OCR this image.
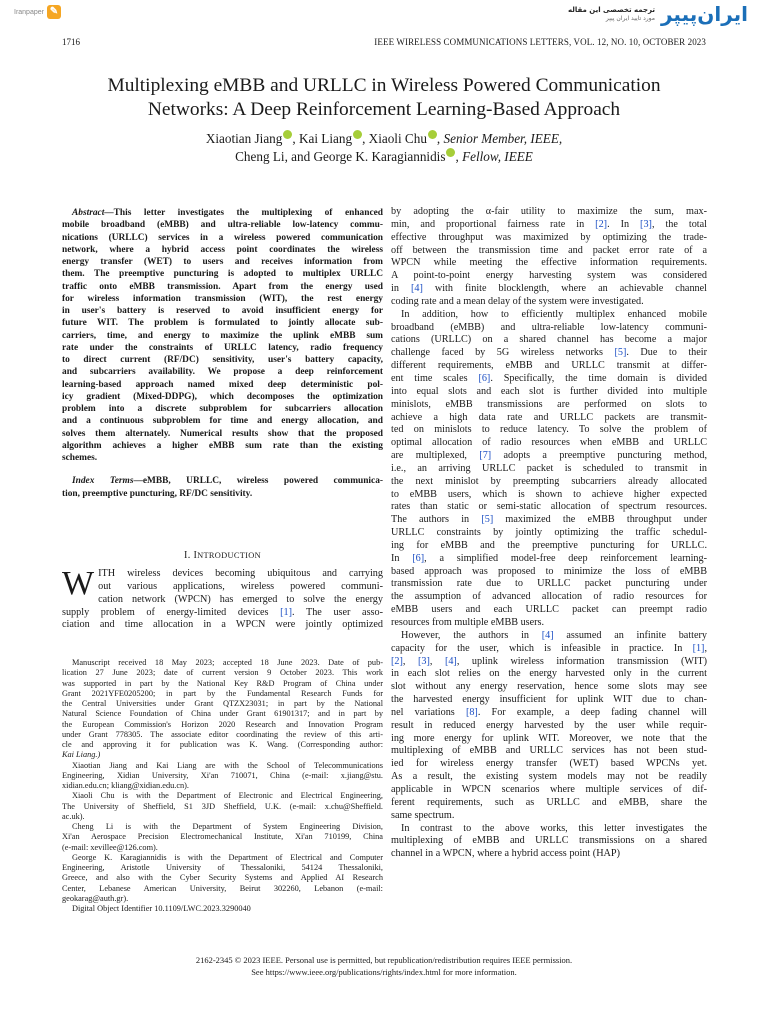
Iranpaper ✎	ترجمه تخصصی این مقاله
مورد تایید ایران پیپر ایران‌پیپر
1716	IEEE WIRELESS COMMUNICATIONS LETTERS, VOL. 12, NO. 10, OCTOBER 2023
Multiplexing eMBB and URLLC in Wireless Powered Communication
Networks: A Deep Reinforcement Learning-Based Approach
Xiaotian Jiang , Kai Liang , Xiaoli Chu , Senior Member, IEEE,
Cheng Li, and George K. Karagiannidis , Fellow, IEEE
Abstract—This letter investigates the multiplexing of enhanced
mobile broadband (eMBB) and ultra-reliable low-latency commu-
nications (URLLC) services in a wireless powered communication
network, where a hybrid access point coordinates the wireless
energy transfer (WET) to users and receives information from
them. The preemptive puncturing is adopted to multiplex URLLC
traffic onto eMBB transmission. Apart from the energy used
for wireless information transmission (WIT), the rest energy
in user's battery is reserved to avoid insufficient energy for
future WIT. The problem is formulated to jointly allocate sub-
carriers, time, and energy to maximize the uplink eMBB sum
rate under the constraints of URLLC latency, radio frequency
to direct current (RF/DC) sensitivity, user's battery capacity,
and subcarriers availability. We propose a deep reinforcement
learning-based approach named mixed deep deterministic pol-
icy gradient (Mixed-DDPG), which decomposes the optimization
problem into a discrete subproblem for subcarriers allocation
and a continuous subproblem for time and energy allocation, and
solves them alternately. Numerical results show that the proposed
algorithm achieves a higher eMBB sum rate than the existing
schemes.
Index Terms—eMBB, URLLC, wireless powered communica-
tion, preemptive puncturing, RF/DC sensitivity.
I. INTRODUCTION
W ITH wireless devices becoming ubiquitous and carrying
out various applications, wireless powered communi-
cation network (WPCN) has emerged to solve the energy
supply problem of energy-limited devices [1]. The user asso-
ciation and time allocation in a WPCN were jointly optimized
Manuscript received 18 May 2023; accepted 18 June 2023. Date of pub-
lication 27 June 2023; date of current version 9 October 2023. This work
was supported in part by the National Key R&D Program of China under
Grant 2021YFE0205200; in part by the Fundamental Research Funds for
the Central Universities under Grant QTZX23031; in part by the National
Natural Science Foundation of China under Grant 61901317; and in part by
the European Commission's Horizon 2020 Research and Innovation Program
under Grant 778305. The associate editor coordinating the review of this arti-
cle and approving it for publication was K. Wang. (Corresponding author:
Kai Liang.)
Xiaotian Jiang and Kai Liang are with the School of Telecommunications
Engineering, Xidian University, Xi'an 710071, China (e-mail: x.jiang@stu.
xidian.edu.cn; kliang@xidian.edu.cn).
Xiaoli Chu is with the Department of Electronic and Electrical Engineering,
The University of Sheffield, S1 3JD Sheffield, U.K. (e-mail: x.chu@Sheffield.
ac.uk).
Cheng Li is with the Department of System Engineering Division,
Xi'an Aerospace Precision Electromechanical Institute, Xi'an 710199, China
(e-mail: xevillee@126.com).
George K. Karagiannidis is with the Department of Electrical and Computer
Engineering, Aristotle University of Thessaloniki, 54124 Thessaloniki,
Greece, and also with the Cyber Security Systems and Applied AI Research
Center, Lebanese American University, Beirut 302260, Lebanon (e-mail:
geokarag@auth.gr).
Digital Object Identifier 10.1109/LWC.2023.3290040
by adopting the α-fair utility to maximize the sum, max-
min, and proportional fairness rate in [2]. In [3], the total
effective throughput was maximized by optimizing the trade-
off between the transmission time and packet error rate of a
WPCN while meeting the effective information requirements.
A point-to-point energy harvesting system was considered
in [4] with finite blocklength, where an achievable channel
coding rate and a mean delay of the system were investigated.
In addition, how to efficiently multiplex enhanced mobile
broadband (eMBB) and ultra-reliable low-latency communi-
cations (URLLC) on a shared channel has become a major
challenge faced by 5G wireless networks [5]. Due to their
different requirements, eMBB and URLLC transmit at differ-
ent time scales [6]. Specifically, the time domain is divided
into equal slots and each slot is further divided into multiple
minislots, eMBB transmissions are performed on slots to
achieve a high data rate and URLLC packets are transmit-
ted on minislots to reduce latency. To solve the problem of
optimal allocation of radio resources when eMBB and URLLC
are multiplexed, [7] adopts a preemptive puncturing method,
i.e., an arriving URLLC packet is scheduled to transmit in
the next minislot by preempting subcarriers already allocated
to eMBB users, which is shown to achieve higher expected
rates than static or semi-static allocation of spectrum resources.
The authors in [5] maximized the eMBB throughput under
URLLC constraints by jointly optimizing the traffic schedul-
ing for eMBB and the preemptive puncturing for URLLC.
In [6], a simplified model-free deep reinforcement learning-
based approach was proposed to minimize the loss of eMBB
transmission rate due to URLLC packet puncturing under
the assumption of advanced allocation of radio resources for
eMBB users and each URLLC packet can preempt radio
resources from multiple eMBB users.
However, the authors in [4] assumed an infinite battery
capacity for the user, which is infeasible in practice. In [1],
[2], [3], [4], uplink wireless information transmission (WIT)
in each slot relies on the energy harvested only in the current
slot without any energy reservation, hence some slots may see
the harvested energy insufficient for uplink WIT due to chan-
nel variations [8]. For example, a deep fading channel will
result in reduced energy harvested by the user while requir-
ing more energy for uplink WIT. Moreover, we note that the
multiplexing of eMBB and URLLC services has not been stud-
ied for wireless energy transfer (WET) based WPCNs yet.
As a result, the existing system models may not be readily
applicable in WPCN scenarios where multiple services of dif-
ferent requirements, such as URLLC and eMBB, share the
same spectrum.
In contrast to the above works, this letter investigates the
multiplexing of eMBB and URLLC transmissions on a shared
channel in a WPCN, where a hybrid access point (HAP)
2162-2345 © 2023 IEEE. Personal use is permitted, but republication/redistribution requires IEEE permission.
See https://www.ieee.org/publications/rights/index.html for more information.
